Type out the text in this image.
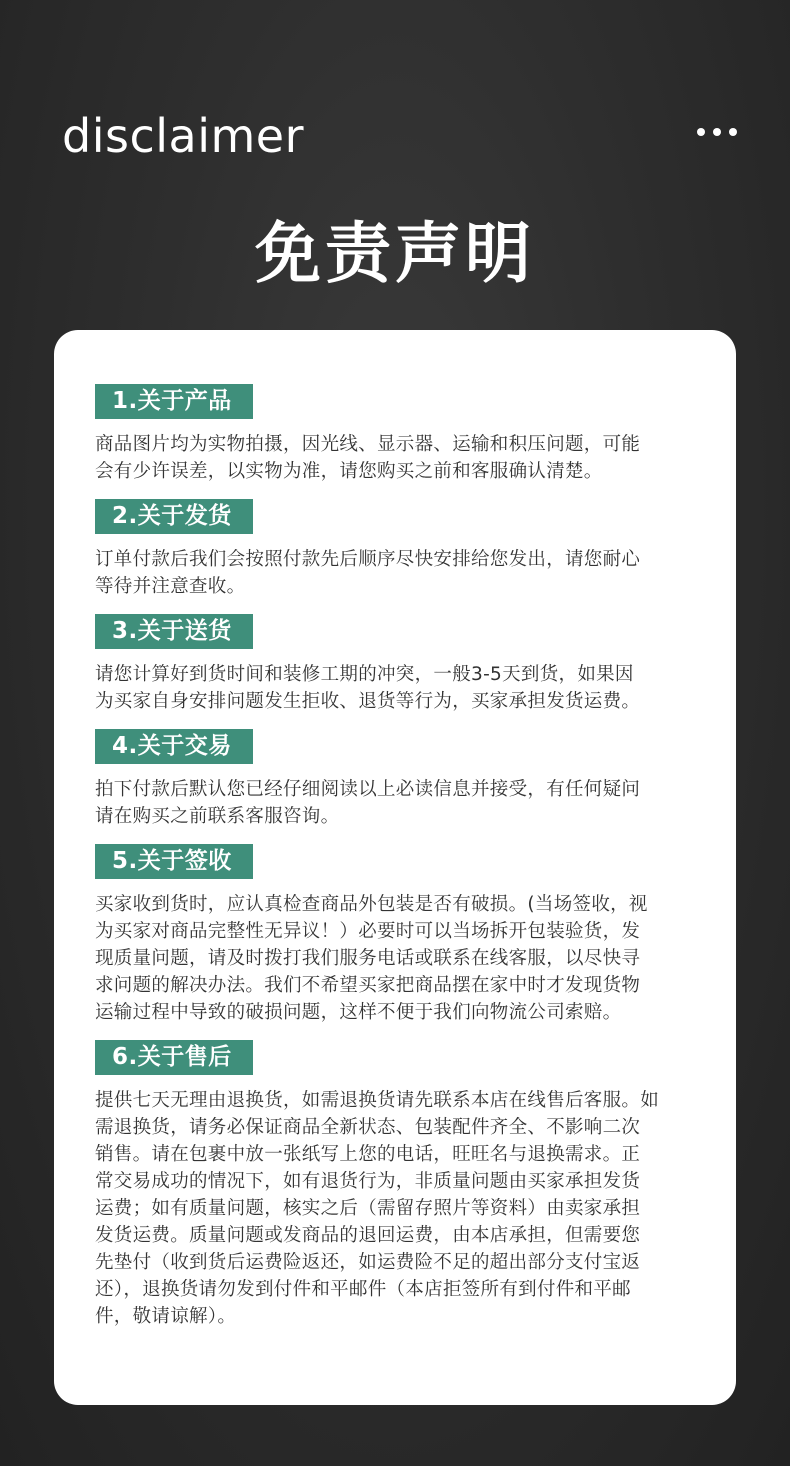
disclaimer
免责声明
1.关于产品

商品图片均为实物拍摄，因光线、显示器、运输和积压问题，可能
会有少许误差，以实物为准，请您购买之前和客服确认清楚。

2.关于发货

订单付款后我们会按照付款先后顺序尽快安排给您发出，请您耐心
等待并注意查收。

3.关于送货

请您计算好到货时间和装修工期的冲突，一般3-5天到货，如果因
为买家自身安排问题发生拒收、退货等行为，买家承担发货运费。

4.关于交易

拍下付款后默认您已经仔细阅读以上必读信息并接受，有任何疑问
请在购买之前联系客服咨询。

5.关于签收

买家收到货时，应认真检查商品外包装是否有破损。(当场签收，视
为买家对商品完整性无异议！）必要时可以当场拆开包装验货，发
现质量问题，请及时拨打我们服务电话或联系在线客服，以尽快寻
求问题的解决办法。我们不希望买家把商品摆在家中时才发现货物
运输过程中导致的破损问题，这样不便于我们向物流公司索赔。

6.关于售后

提供七天无理由退换货，如需退换货请先联系本店在线售后客服。如
需退换货，请务必保证商品全新状态、包装配件齐全、不影响二次
销售。请在包裹中放一张纸写上您的电话，旺旺名与退换需求。正
常交易成功的情况下，如有退货行为，非质量问题由买家承担发货
运费；如有质量问题，核实之后（需留存照片等资料）由卖家承担
发货运费。质量问题或发商品的退回运费，由本店承担，但需要您
先垫付（收到货后运费险返还，如运费险不足的超出部分支付宝返
还），退换货请勿发到付件和平邮件（本店拒签所有到付件和平邮
件，敬请谅解）。
